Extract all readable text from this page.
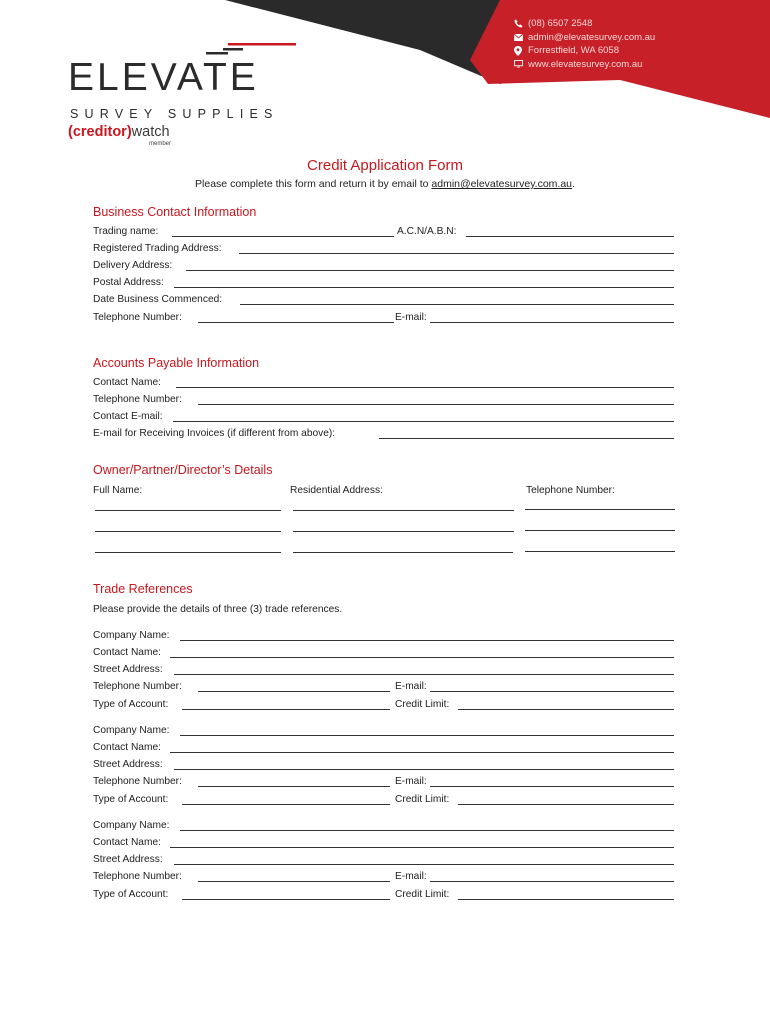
(08) 6507 2548
admin@elevatesurvey.com.au
Forrestfield, WA 6058
www.elevatesurvey.com.au
ELEVATE
SURVEY SUPPLIES
(creditor)watch
member
Credit Application Form
Please complete this form and return it by email to admin@elevatesurvey.com.au.
Business Contact Information
Trading name:	A.C.N/A.B.N:
Registered Trading Address:
Delivery Address:
Postal Address:
Date Business Commenced:
Telephone Number:	E-mail:
Accounts Payable Information
Contact Name:
Telephone Number:
Contact E-mail:
E-mail for Receiving Invoices (if different from above):
Owner/Partner/Director’s Details
Full Name:	Residential Address:	Telephone Number:
Trade References
Please provide the details of three (3) trade references.
Company Name:
Contact Name:
Street Address:
Telephone Number:	E-mail:
Type of Account:	Credit Limit:
Company Name:
Contact Name:
Street Address:
Telephone Number:	E-mail:
Type of Account:	Credit Limit:
Company Name:
Contact Name:
Street Address:
Telephone Number:	E-mail:
Type of Account:	Credit Limit:
